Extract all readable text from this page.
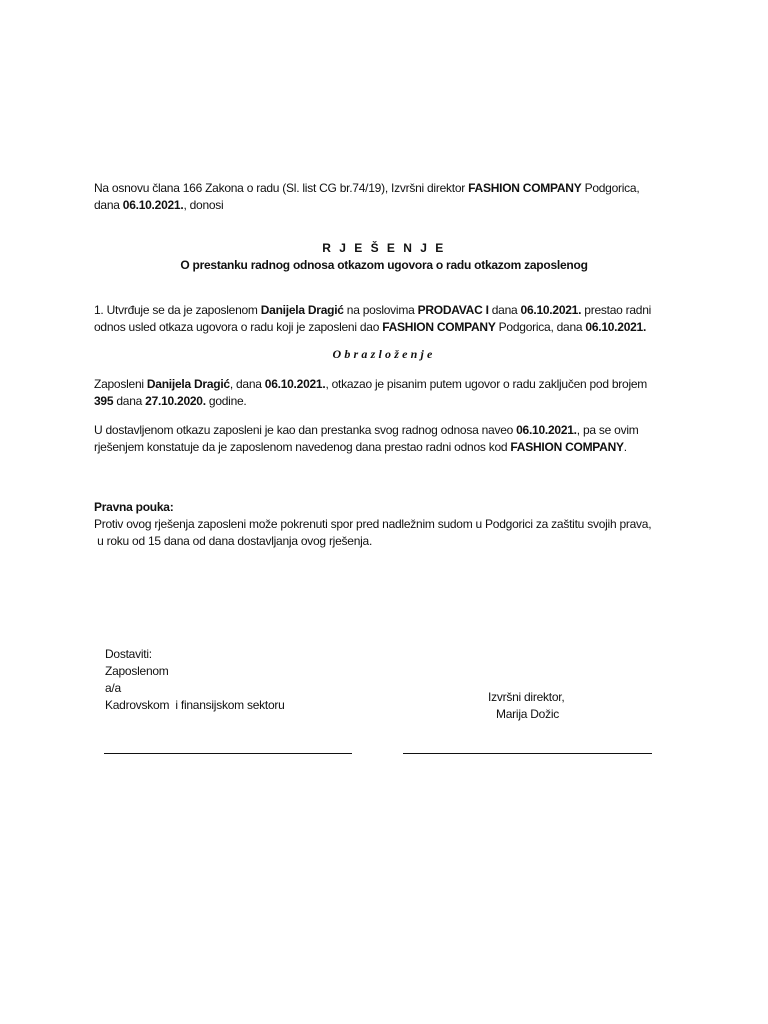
Na osnovu člana 166 Zakona o radu (Sl. list CG br.74/19), Izvršni direktor FASHION COMPANY Podgorica,
dana 06.10.2021., donosi
R J E Š E N J E
O prestanku radnog odnosa otkazom ugovora o radu otkazom zaposlenog
1. Utvrđuje se da je zaposlenom Danijela Dragić na poslovima PRODAVAC I dana 06.10.2021. prestao radni
odnos usled otkaza ugovora o radu koji je zaposleni dao FASHION COMPANY Podgorica, dana 06.10.2021.
Obrazloženje
Zaposleni Danijela Dragić, dana 06.10.2021., otkazao je pisanim putem ugovor o radu zaključen pod brojem
395 dana 27.10.2020. godine.
U dostavljenom otkazu zaposleni je kao dan prestanka svog radnog odnosa naveo 06.10.2021., pa se ovim
rješenjem konstatuje da je zaposlenom navedenog dana prestao radni odnos kod FASHION COMPANY.
Pravna pouka:
Protiv ovog rješenja zaposleni može pokrenuti spor pred nadležnim sudom u Podgorici za zaštitu svojih prava,
u roku od 15 dana od dana dostavljanja ovog rješenja.
Dostaviti:
Zaposlenom
a/a
Kadrovskom  i finansijskom sektoru
Izvršni direktor,
Marija Dožic
